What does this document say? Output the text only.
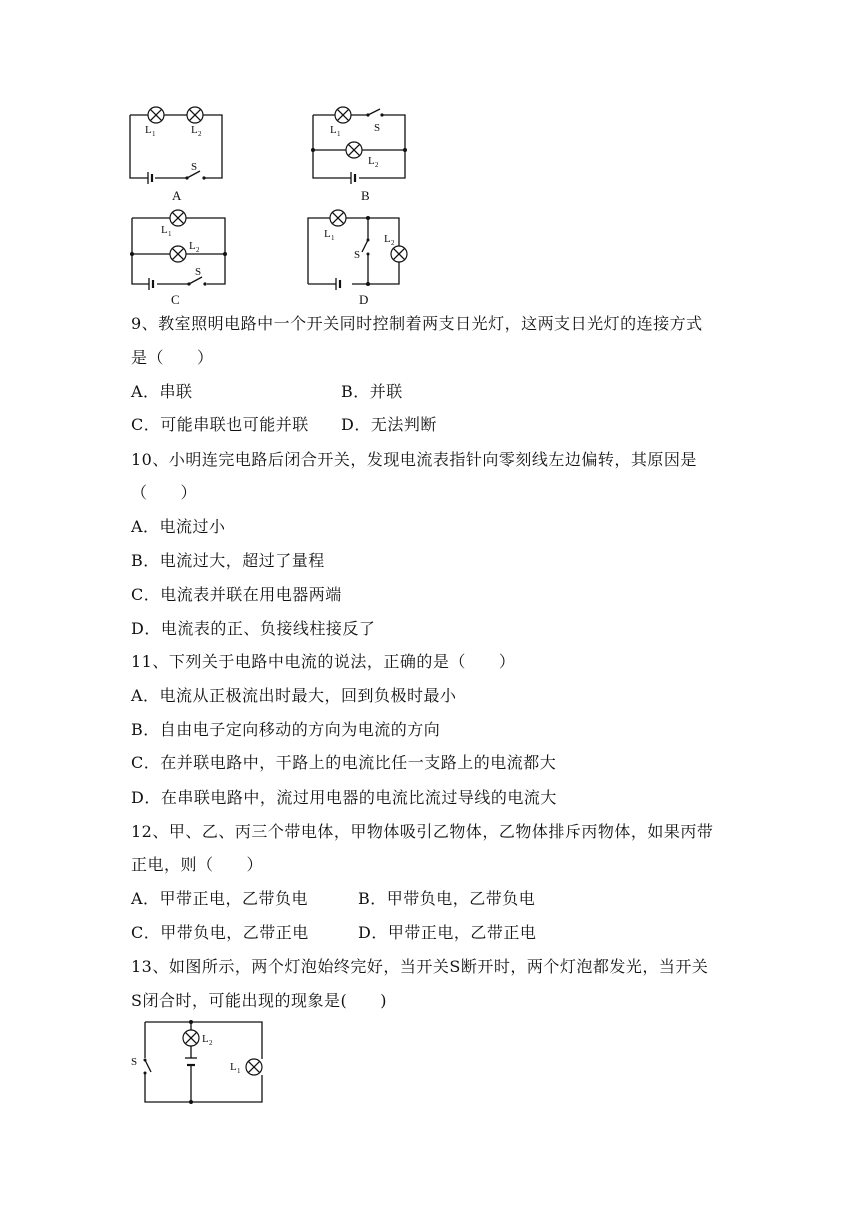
L 1	L 2
S
A
L 1	S
L 2
B
L 1
L 2
S
C
L 1
S
L 2
D
9、教室照明电路中一个开关同时控制着两支日光灯，这两支日光灯的连接方式
是（　　）
A．串联	B．并联
C．可能串联也可能并联 D．无法判断
10、小明连完电路后闭合开关，发现电流表指针向零刻线左边偏转，其原因是
（　　）
A．电流过小
B．电流过大，超过了量程
C．电流表并联在用电器两端
D．电流表的正、负接线柱接反了
11、下列关于电路中电流的说法，正确的是（　　）
A．电流从正极流出时最大，回到负极时最小
B．自由电子定向移动的方向为电流的方向
C．在并联电路中，干路上的电流比任一支路上的电流都大
D．在串联电路中，流过用电器的电流比流过导线的电流大
12、甲、乙、丙三个带电体，甲物体吸引乙物体，乙物体排斥丙物体，如果丙带
正电，则（　　）
A．甲带正电，乙带负电	B．甲带负电，乙带负电
C．甲带负电，乙带正电	D．甲带正电，乙带正电
13、如图所示，两个灯泡始终完好，当开关S断开时，两个灯泡都发光，当开关
S闭合时，可能出现的现象是(　　)
S
L 2
L 1
